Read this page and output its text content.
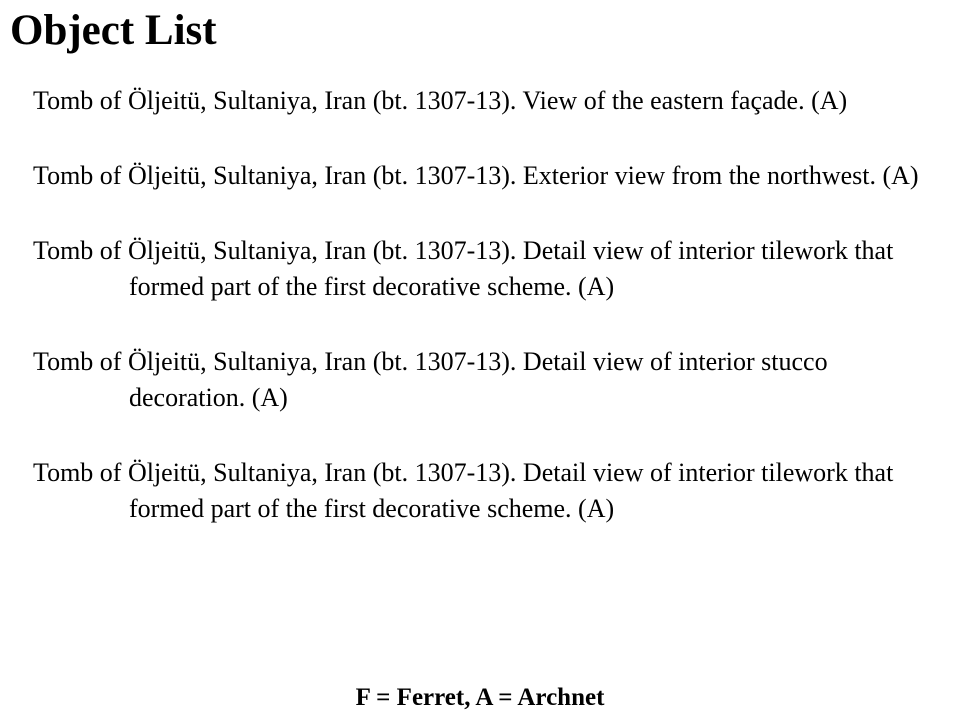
Object List
Tomb of Öljeitü, Sultaniya, Iran (bt. 1307-13). View of the eastern façade. (A)
Tomb of Öljeitü, Sultaniya, Iran (bt. 1307-13). Exterior view from the northwest. (A)
Tomb of Öljeitü, Sultaniya, Iran (bt. 1307-13). Detail view of interior tilework that formed part of the first decorative scheme. (A)
Tomb of Öljeitü, Sultaniya, Iran (bt. 1307-13). Detail view of interior stucco decoration. (A)
Tomb of Öljeitü, Sultaniya, Iran (bt. 1307-13). Detail view of interior tilework that formed part of the first decorative scheme. (A)
F = Ferret, A = Archnet
